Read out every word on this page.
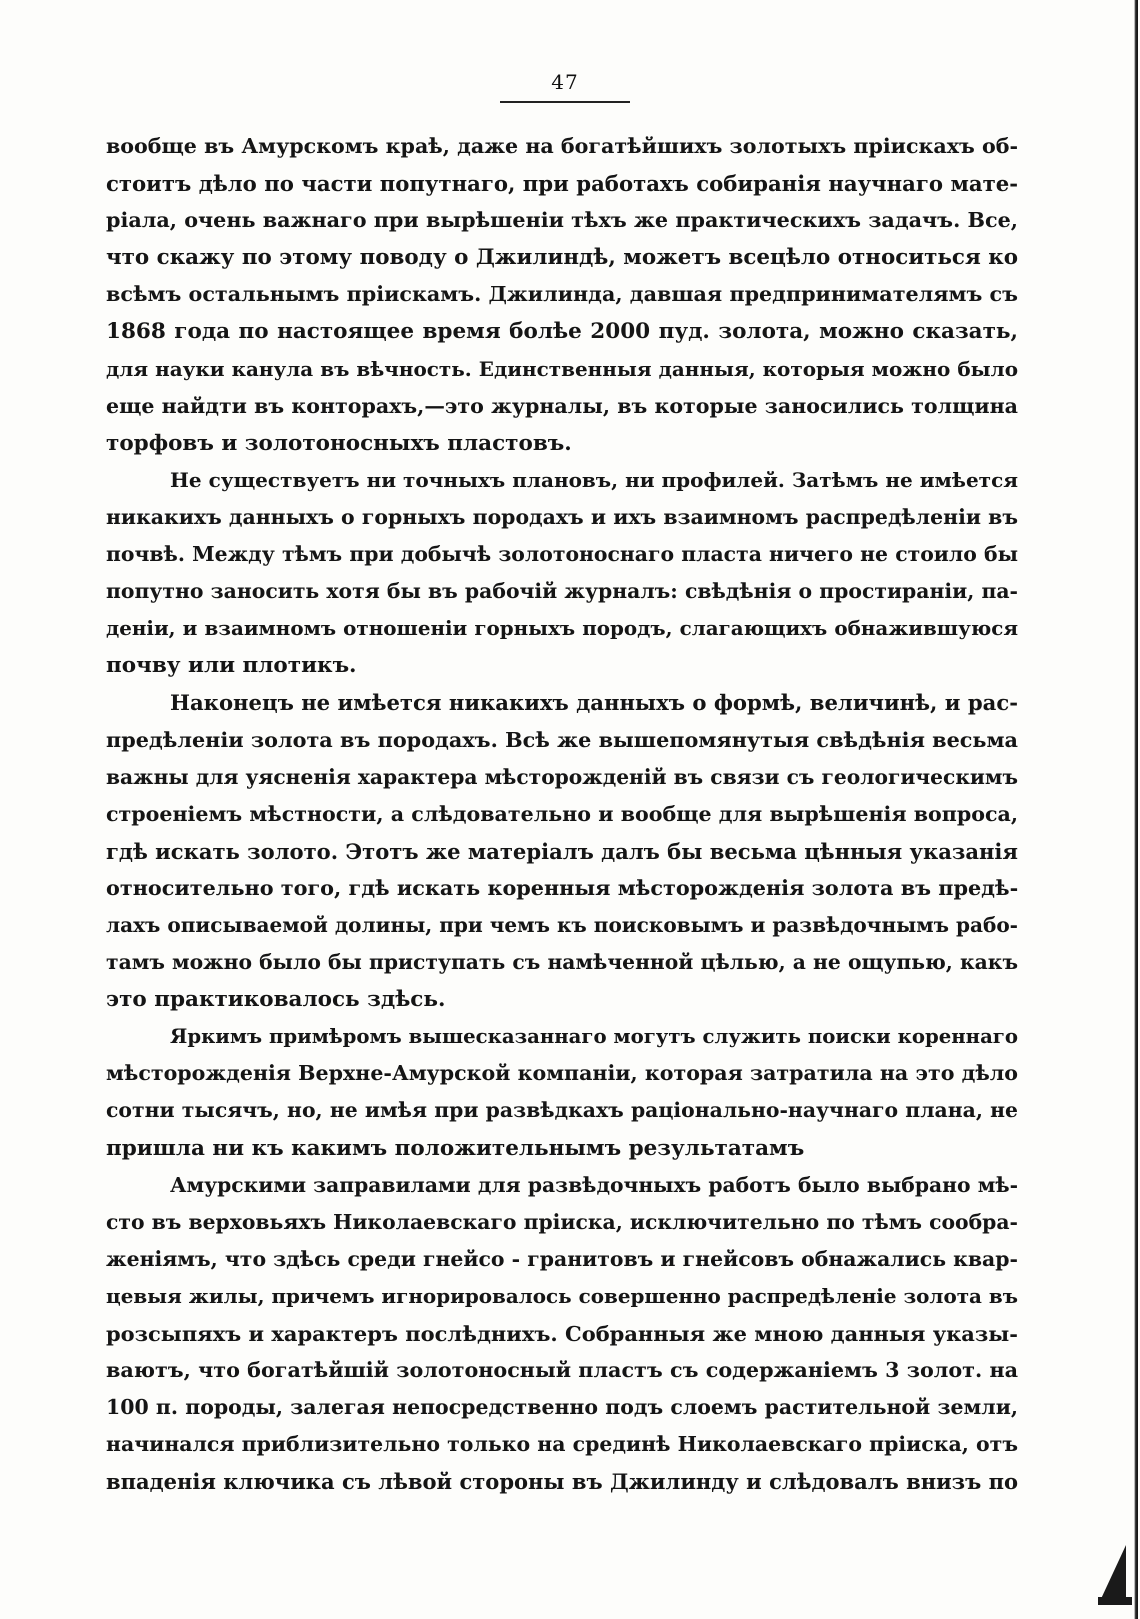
47
вообще въ Амурскомъ краѣ, даже на богатѣйшихъ золотыхъ пріискахъ об-
стоитъ дѣло по части попутнаго, при работахъ собиранія научнаго мате-
ріала, очень важнаго при вырѣшеніи тѣхъ же практическихъ задачъ. Все,
что скажу по этому поводу о Джилиндѣ, можетъ всецѣло относиться ко
всѣмъ остальнымъ пріискамъ. Джилинда, давшая предпринимателямъ съ
1868 года по настоящее время болѣе 2000 пуд. золота, можно сказать,
для науки канула въ вѣчность. Единственныя данныя, которыя можно было
еще найдти въ конторахъ,—это журналы, въ которые заносились толщина
торфовъ и золотоносныхъ пластовъ.
Не существуетъ ни точныхъ плановъ, ни профилей. Затѣмъ не имѣется
никакихъ данныхъ о горныхъ породахъ и ихъ взаимномъ распредѣленіи въ
почвѣ. Между тѣмъ при добычѣ золотоноснаго пласта ничего не стоило бы
попутно заносить хотя бы въ рабочій журналъ: свѣдѣнія о простираніи, па-
деніи, и взаимномъ отношеніи горныхъ породъ, слагающихъ обнажившуюся
почву или плотикъ.
Наконецъ не имѣется никакихъ данныхъ о формѣ, величинѣ, и рас-
предѣленіи золота въ породахъ. Всѣ же вышепомянутыя свѣдѣнія весьма
важны для уясненія характера мѣсторожденій въ связи съ геологическимъ
строеніемъ мѣстности, а слѣдовательно и вообще для вырѣшенія вопроса,
гдѣ искать золото. Этотъ же матеріалъ далъ бы весьма цѣнныя указанія
относительно того, гдѣ искать коренныя мѣсторожденія золота въ предѣ-
лахъ описываемой долины, при чемъ къ поисковымъ и развѣдочнымъ рабо-
тамъ можно было бы приступать съ намѣченной цѣлью, а не ощупью, какъ
это практиковалось здѣсь.
Яркимъ примѣромъ вышесказаннаго могутъ служить поиски кореннаго
мѣсторожденія Верхне-Амурской компаніи, которая затратила на это дѣло
сотни тысячъ, но, не имѣя при развѣдкахъ раціонально-научнаго плана, не
пришла ни къ какимъ положительнымъ результатамъ
Амурскими заправилами для развѣдочныхъ работъ было выбрано мѣ-
сто въ верховьяхъ Николаевскаго пріиска, исключительно по тѣмъ сообра-
женіямъ, что здѣсь среди гнейсо - гранитовъ и гнейсовъ обнажались квар-
цевыя жилы, причемъ игнорировалось совершенно распредѣленіе золота въ
розсыпяхъ и характеръ послѣднихъ. Собранныя же мною данныя указы-
ваютъ, что богатѣйшій золотоносный пластъ съ содержаніемъ 3 золот. на
100 п. породы, залегая непосредственно подъ слоемъ растительной земли,
начинался приблизительно только на срединѣ Николаевскаго пріиска, отъ
впаденія ключика съ лѣвой стороны въ Джилинду и слѣдовалъ внизъ по
